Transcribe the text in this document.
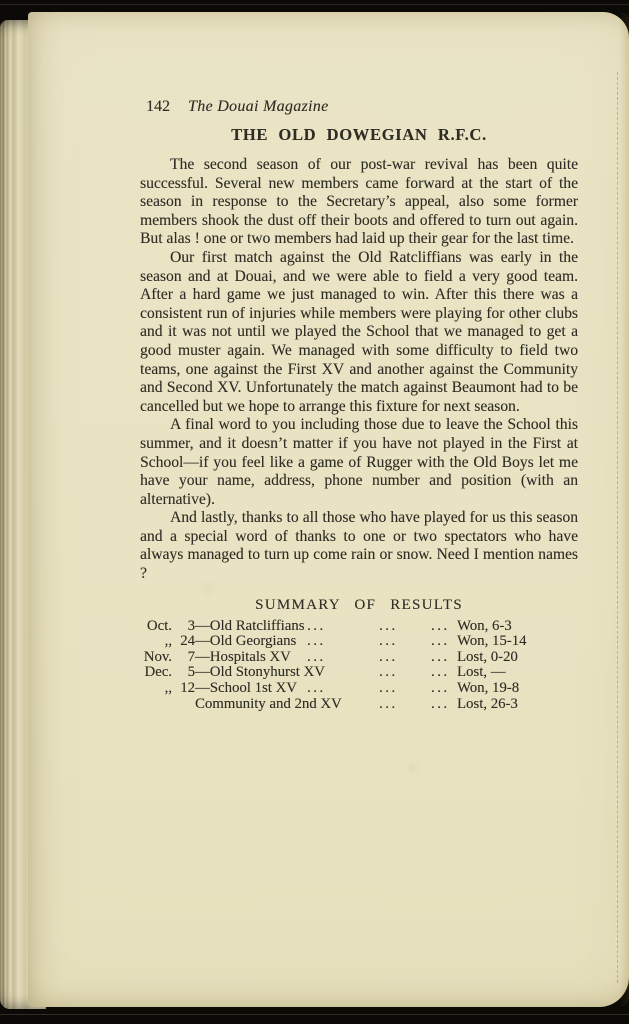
142 The Douai Magazine
THE OLD DOWEGIAN R.F.C.

The second season of our post-war revival has been quite successful. Several new members came forward at the start of the season in response to the Secretary’s appeal, also some former members shook the dust off their boots and offered to turn out again. But alas ! one or two members had laid up their gear for the last time.

Our first match against the Old Ratcliffians was early in the season and at Douai, and we were able to field a very good team. After a hard game we just managed to win. After this there was a consistent run of injuries while members were playing for other clubs and it was not until we played the School that we managed to get a good muster again. We managed with some difficulty to field two teams, one against the First XV and another against the Community and Second XV. Unfortunately the match against Beaumont had to be cancelled but we hope to arrange this fixture for next season.

A final word to you including those due to leave the School this summer, and it doesn’t matter if you have not played in the First at School—if you feel like a game of Rugger with the Old Boys let me have your name, address, phone number and position (with an alternative).

And lastly, thanks to all those who have played for us this season and a special word of thanks to one or two spectators who have always managed to turn up come rain or snow. Need I mention names ?

SUMMARY OF RESULTS
Oct.	3 —Old Ratcliffians ...	... ... Won, 6-3
,, 24 —Old Georgians ...	... ... Won, 15-14
Nov.	7 —Hospitals XV ...	... ... Lost, 0-20
Dec.	5 —Old Stonyhurst XV	... ... Lost, —
,, 12 —School 1st XV ...	... ... Won, 19-8
Community and 2nd XV	... ... Lost, 26-3
